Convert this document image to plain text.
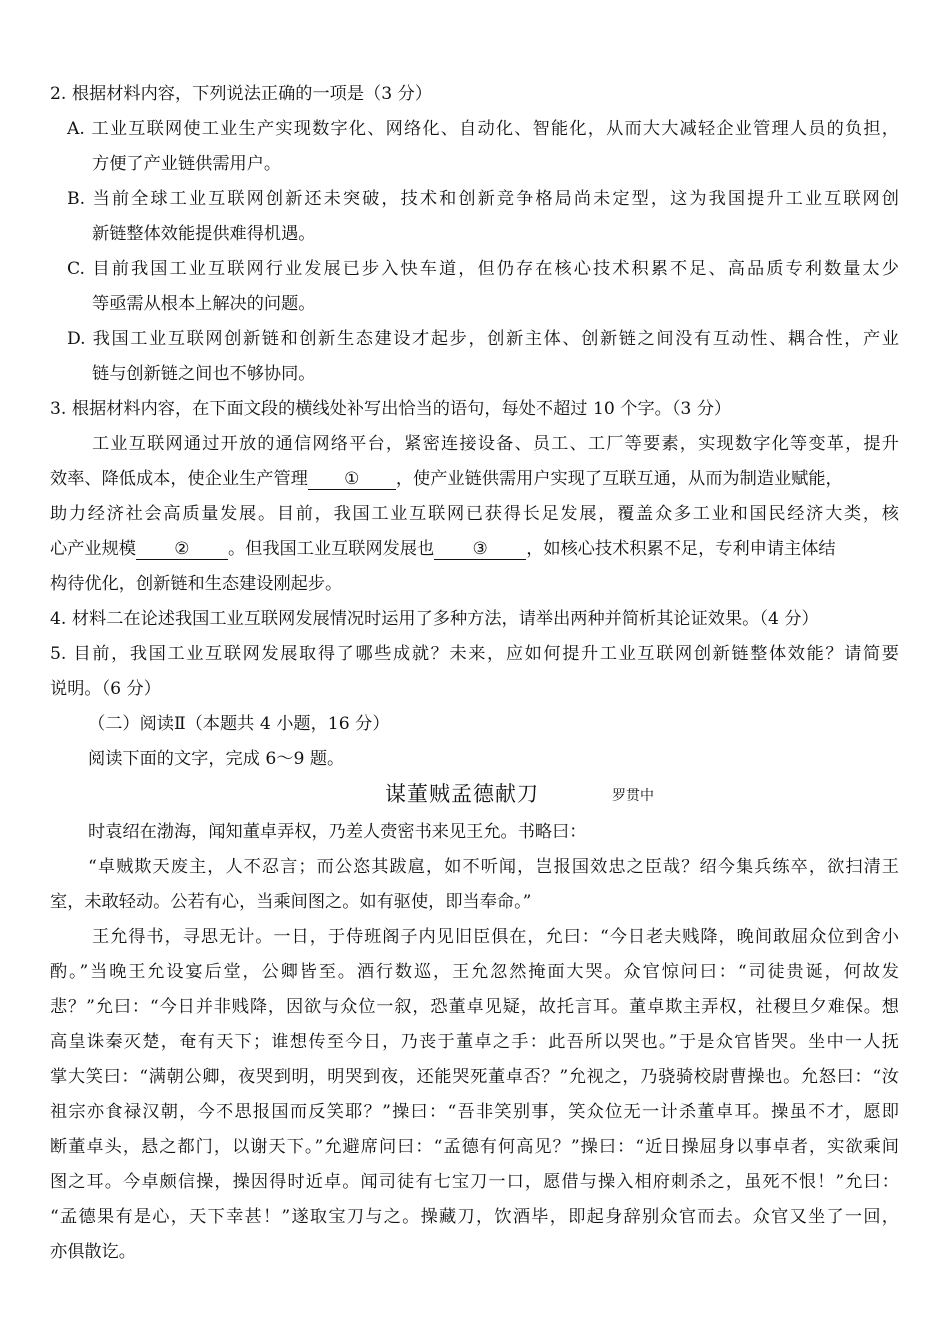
2. 根据材料内容，下列说法正确的一项是（3 分）
A. 工业互联网使工业生产实现数字化、网络化、自动化、智能化，从而大大减轻企业管理人员的负担，
方便了产业链供需用户。
B. 当前全球工业互联网创新还未突破，技术和创新竞争格局尚未定型，这为我国提升工业互联网创
新链整体效能提供难得机遇。
C. 目前我国工业互联网行业发展已步入快车道，但仍存在核心技术积累不足、高品质专利数量太少
等亟需从根本上解决的问题。
D. 我国工业互联网创新链和创新生态建设才起步，创新主体、创新链之间没有互动性、耦合性，产业
链与创新链之间也不够协同。
3. 根据材料内容，在下面文段的横线处补写出恰当的语句，每处不超过 10 个字。（3 分）
工业互联网通过开放的通信网络平台，紧密连接设备、员工、工厂等要素，实现数字化等变革，提升
效率、降低成本，使企业生产管理 ① ，使产业链供需用户实现了互联互通，从而为制造业赋能，
助力经济社会高质量发展。目前，我国工业互联网已获得长足发展，覆盖众多工业和国民经济大类，核
心产业规模 ② 。但我国工业互联网发展也 ③ ，如核心技术积累不足，专利申请主体结
构待优化，创新链和生态建设刚起步。
4. 材料二在论述我国工业互联网发展情况时运用了多种方法，请举出两种并简析其论证效果。（4 分）
5. 目前，我国工业互联网发展取得了哪些成就？未来，应如何提升工业互联网创新链整体效能？请简要
说明。（6 分）
（二）阅读Ⅱ（本题共 4 小题，16 分）
阅读下面的文字，完成 6～9 题。
谋董贼孟德献刀	罗贯中
时袁绍在渤海，闻知董卓弄权，乃差人赍密书来见王允。书略曰：
“卓贼欺天废主，人不忍言；而公恣其跋扈，如不听闻，岂报国效忠之臣哉？绍今集兵练卒，欲扫清王
室，未敢轻动。公若有心，当乘间图之。如有驱使，即当奉命。”
王允得书，寻思无计。一日，于侍班阁子内见旧臣俱在，允曰：“今日老夫贱降，晚间敢屈众位到舍小
酌。”当晚王允设宴后堂，公卿皆至。酒行数巡，王允忽然掩面大哭。众官惊问曰：“司徒贵诞，何故发
悲？”允曰：“今日并非贱降，因欲与众位一叙，恐董卓见疑，故托言耳。董卓欺主弄权，社稷旦夕难保。想
高皇诛秦灭楚，奄有天下；谁想传至今日，乃丧于董卓之手：此吾所以哭也。”于是众官皆哭。坐中一人抚
掌大笑曰：“满朝公卿，夜哭到明，明哭到夜，还能哭死董卓否？”允视之，乃骁骑校尉曹操也。允怒曰：“汝
祖宗亦食禄汉朝，今不思报国而反笑耶？”操曰：“吾非笑别事，笑众位无一计杀董卓耳。操虽不才，愿即
断董卓头，悬之都门，以谢天下。”允避席问曰：“孟德有何高见？”操曰：“近日操屈身以事卓者，实欲乘间
图之耳。今卓颇信操，操因得时近卓。闻司徒有七宝刀一口，愿借与操入相府刺杀之，虽死不恨！”允曰：
“孟德果有是心，天下幸甚！”遂取宝刀与之。操藏刀，饮酒毕，即起身辞别众官而去。众官又坐了一回，
亦俱散讫。
